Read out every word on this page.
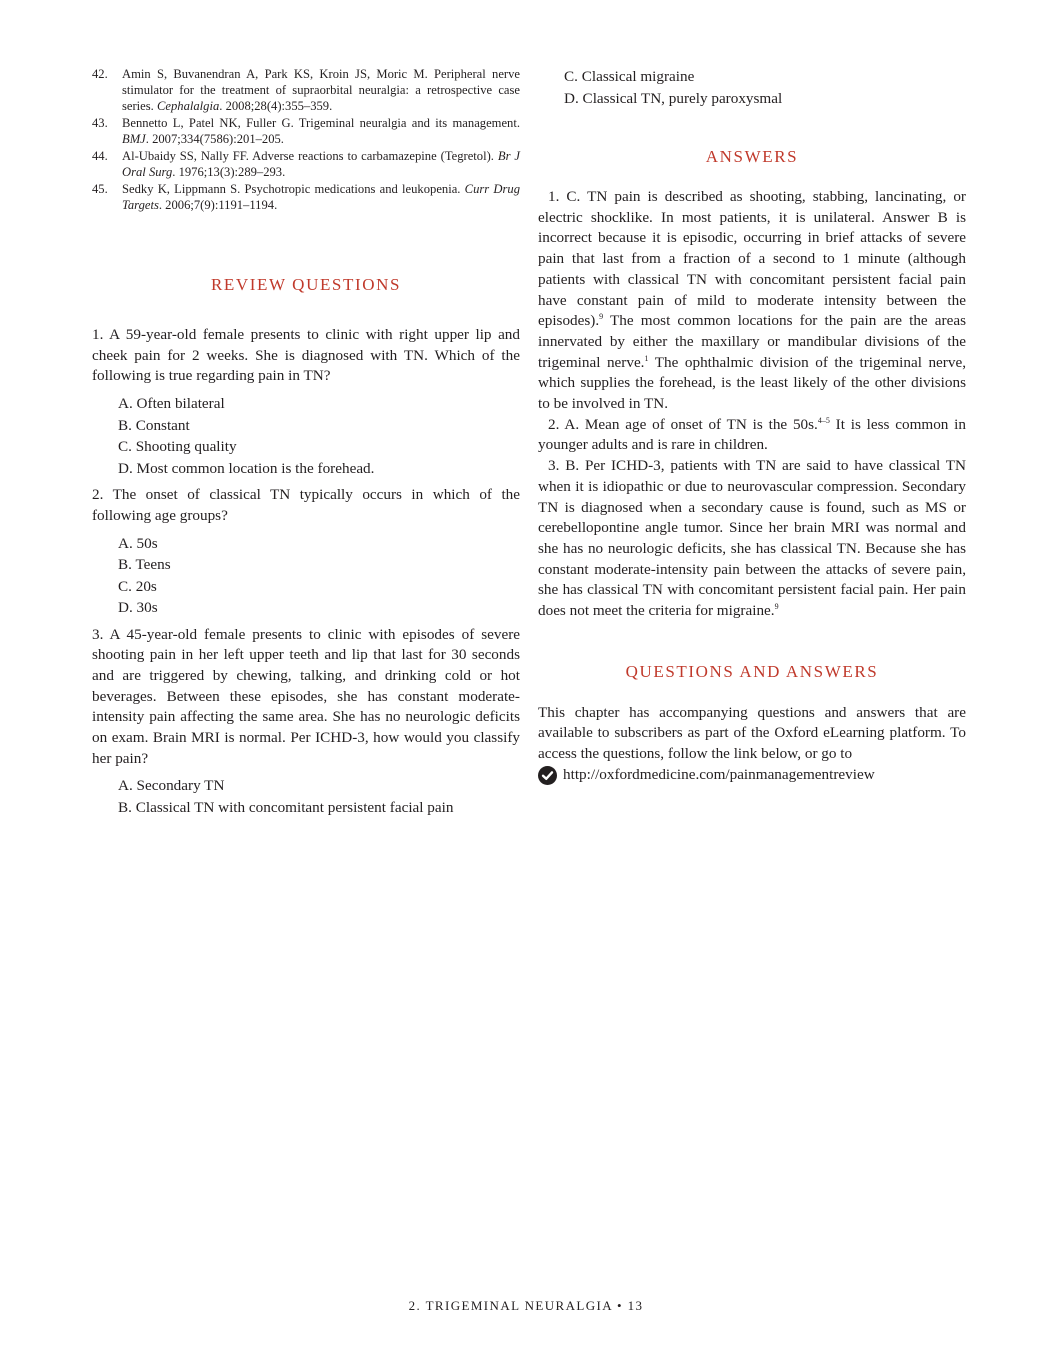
42. Amin S, Buvanendran A, Park KS, Kroin JS, Moric M. Peripheral nerve stimulator for the treatment of supraorbital neuralgia: a retrospective case series. Cephalalgia. 2008;28(4):355–359.
43. Bennetto L, Patel NK, Fuller G. Trigeminal neuralgia and its management. BMJ. 2007;334(7586):201–205.
44. Al-Ubaidy SS, Nally FF. Adverse reactions to carbamazepine (Tegretol). Br J Oral Surg. 1976;13(3):289–293.
45. Sedky K, Lippmann S. Psychotropic medications and leukopenia. Curr Drug Targets. 2006;7(9):1191–1194.
REVIEW QUESTIONS

1. A 59-year-old female presents to clinic with right upper lip and cheek pain for 2 weeks. She is diagnosed with TN. Which of the following is true regarding pain in TN?

A. Often bilateral
B. Constant
C. Shooting quality
D. Most common location is the forehead.

2. The onset of classical TN typically occurs in which of the following age groups?

A. 50s
B. Teens
C. 20s
D. 30s

3. A 45-year-old female presents to clinic with episodes of severe shooting pain in her left upper teeth and lip that last for 30 seconds and are triggered by chewing, talking, and drinking cold or hot beverages. Between these episodes, she has constant moderate-intensity pain affecting the same area. She has no neurologic deficits on exam. Brain MRI is normal. Per ICHD-3, how would you classify her pain?

A. Secondary TN
B. Classical TN with concomitant persistent facial pain
C. Classical migraine
D. Classical TN, purely paroxysmal
ANSWERS

1. C. TN pain is described as shooting, stabbing, lancinating, or electric shocklike. In most patients, it is unilateral. Answer B is incorrect because it is episodic, occurring in brief attacks of severe pain that last from a fraction of a second to 1 minute (although patients with classical TN with concomitant persistent facial pain have constant pain of mild to moderate intensity between the episodes).$^9$ The most common locations for the pain are the areas innervated by either the maxillary or mandibular divisions of the trigeminal nerve.$^1$ The ophthalmic division of the trigeminal nerve, which supplies the forehead, is the least likely of the other divisions to be involved in TN.

2. A. Mean age of onset of TN is the 50s.$^{4-5}$ It is less common in younger adults and is rare in children.

3. B. Per ICHD-3, patients with TN are said to have classical TN when it is idiopathic or due to neurovascular compression. Secondary TN is diagnosed when a secondary cause is found, such as MS or cerebellopontine angle tumor. Since her brain MRI was normal and she has no neurologic deficits, she has classical TN. Because she has constant moderate-intensity pain between the attacks of severe pain, she has classical TN with concomitant persistent facial pain. Her pain does not meet the criteria for migraine.$^9$

QUESTIONS AND ANSWERS

This chapter has accompanying questions and answers that are available to subscribers as part of the Oxford eLearning platform. To access the questions, follow the link below, or go to

http://oxfordmedicine.com/painmanagementreview
2. TRIGEMINAL NEURALGIA • 13
